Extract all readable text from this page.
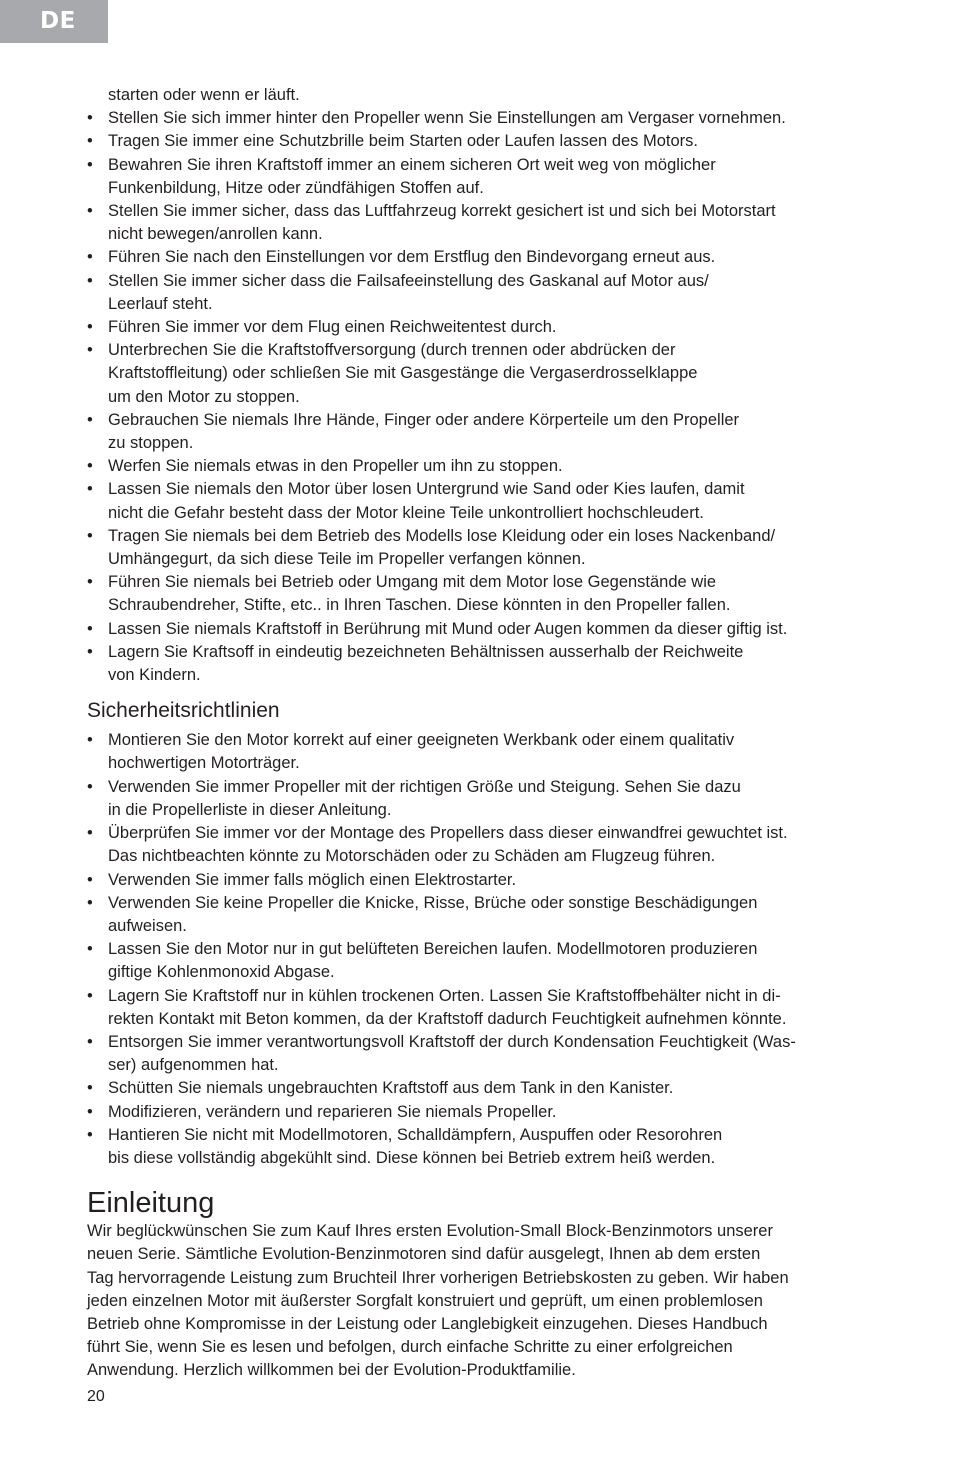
DE

starten oder wenn er läuft.

• Stellen Sie sich immer hinter den Propeller wenn Sie Einstellungen am Vergaser vornehmen.
• Tragen Sie immer eine Schutzbrille beim Starten oder Laufen lassen des Motors.
• Bewahren Sie ihren Kraftstoff immer an einem sicheren Ort weit weg von möglicher
Funkenbildung, Hitze oder zündfähigen Stoffen auf.
• Stellen Sie immer sicher, dass das Luftfahrzeug korrekt gesichert ist und sich bei Motorstart
nicht bewegen/anrollen kann.
• Führen Sie nach den Einstellungen vor dem Erstflug den Bindevorgang erneut aus.
• Stellen Sie immer sicher dass die Failsafeeinstellung des Gaskanal auf Motor aus/
Leerlauf steht.
• Führen Sie immer vor dem Flug einen Reichweitentest durch.
• Unterbrechen Sie die Kraftstoffversorgung (durch trennen oder abdrücken der
Kraftstoffleitung) oder schließen Sie mit Gasgestänge die Vergaserdrosselklappe
um den Motor zu stoppen.
• Gebrauchen Sie niemals Ihre Hände, Finger oder andere Körperteile um den Propeller
zu stoppen.
• Werfen Sie niemals etwas in den Propeller um ihn zu stoppen.
• Lassen Sie niemals den Motor über losen Untergrund wie Sand oder Kies laufen, damit
nicht die Gefahr besteht dass der Motor kleine Teile unkontrolliert hochschleudert.
• Tragen Sie niemals bei dem Betrieb des Modells lose Kleidung oder ein loses Nackenband/
Umhängegurt, da sich diese Teile im Propeller verfangen können.
• Führen Sie niemals bei Betrieb oder Umgang mit dem Motor lose Gegenstände wie
Schraubendreher, Stifte, etc.. in Ihren Taschen. Diese könnten in den Propeller fallen.
• Lassen Sie niemals Kraftstoff in Berührung mit Mund oder Augen kommen da dieser giftig ist.
• Lagern Sie Kraftsoff in eindeutig bezeichneten Behältnissen ausserhalb der Reichweite
von Kindern.
Sicherheitsrichtlinien
• Montieren Sie den Motor korrekt auf einer geeigneten Werkbank oder einem qualitativ
hochwertigen Motorträger.
• Verwenden Sie immer Propeller mit der richtigen Größe und Steigung. Sehen Sie dazu
in die Propellerliste in dieser Anleitung.
• Überprüfen Sie immer vor der Montage des Propellers dass dieser einwandfrei gewuchtet ist.
Das nichtbeachten könnte zu Motorschäden oder zu Schäden am Flugzeug führen.
• Verwenden Sie immer falls möglich einen Elektrostarter.
• Verwenden Sie keine Propeller die Knicke, Risse, Brüche oder sonstige Beschädigungen
aufweisen.
• Lassen Sie den Motor nur in gut belüfteten Bereichen laufen. Modellmotoren produzieren
giftige Kohlenmonoxid Abgase.
• Lagern Sie Kraftstoff nur in kühlen trockenen Orten. Lassen Sie Kraftstoffbehälter nicht in di-
rekten Kontakt mit Beton kommen, da der Kraftstoff dadurch Feuchtigkeit aufnehmen könnte.
• Entsorgen Sie immer verantwortungsvoll Kraftstoff der durch Kondensation Feuchtigkeit (Was-
ser) aufgenommen hat.
• Schütten Sie niemals ungebrauchten Kraftstoff aus dem Tank in den Kanister.
• Modifizieren, verändern und reparieren Sie niemals Propeller.
• Hantieren Sie nicht mit Modellmotoren, Schalldämpfern, Auspuffen oder Resorohren
bis diese vollständig abgekühlt sind. Diese können bei Betrieb extrem heiß werden.
Einleitung

Wir beglückwünschen Sie zum Kauf Ihres ersten Evolution-Small Block-Benzinmotors unserer
neuen Serie. Sämtliche Evolution-Benzinmotoren sind dafür ausgelegt, Ihnen ab dem ersten
Tag hervorragende Leistung zum Bruchteil Ihrer vorherigen Betriebskosten zu geben. Wir haben
jeden einzelnen Motor mit äußerster Sorgfalt konstruiert und geprüft, um einen problemlosen
Betrieb ohne Kompromisse in der Leistung oder Langlebigkeit einzugehen. Dieses Handbuch
führt Sie, wenn Sie es lesen und befolgen, durch einfache Schritte zu einer erfolgreichen
Anwendung. Herzlich willkommen bei der Evolution-Produktfamilie.

20
